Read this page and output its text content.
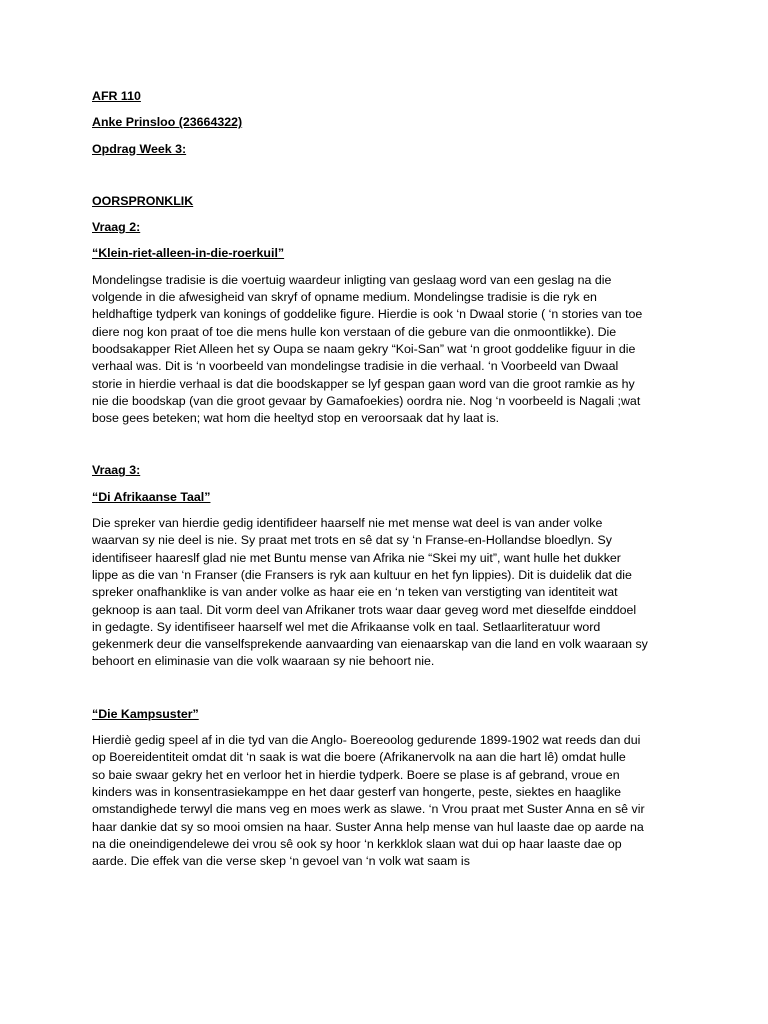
AFR 110

Anke Prinsloo (23664322)

Opdrag Week 3:

OORSPRONKLIK

Vraag 2:

“Klein-riet-alleen-in-die-roerkuil”

Mondelingse tradisie is die voertuig waardeur inligting van geslaag word van een geslag na die
volgende in die afwesigheid van skryf of opname medium. Mondelingse tradisie is die ryk en
heldhaftige tydperk van konings of goddelike figure. Hierdie is ook ‘n Dwaal storie ( ‘n stories van toe
diere nog kon praat of toe die mens hulle kon verstaan of die gebure van die onmoontlikke). Die
boodsakapper Riet Alleen het sy Oupa se naam gekry “Koi-San” wat ‘n groot goddelike figuur in die
verhaal was. Dit is ‘n voorbeeld van mondelingse tradisie in die verhaal. ‘n Voorbeeld van Dwaal
storie in hierdie verhaal is dat die boodskapper se lyf gespan gaan word van die groot ramkie as hy
nie die boodskap (van die groot gevaar by Gamafoekies) oordra nie. Nog ‘n voorbeeld is Nagali ;wat
bose gees beteken; wat hom die heeltyd stop en veroorsaak dat hy laat is.

Vraag 3:

“Di Afrikaanse Taal”

Die spreker van hierdie gedig identifideer haarself nie met mense wat deel is van ander volke
waarvan sy nie deel is nie. Sy praat met trots en sê dat sy ‘n Franse-en-Hollandse bloedlyn. Sy
identifiseer haareslf glad nie met Buntu mense van Afrika nie “Skei my uit”, want hulle het dukker
lippe as die van ‘n Franser (die Fransers is ryk aan kultuur en het fyn lippies). Dit is duidelik dat die
spreker onafhanklike is van ander volke as haar eie en ‘n teken van verstigting van identiteit wat
geknoop is aan taal. Dit vorm deel van Afrikaner trots waar daar geveg word met dieselfde einddoel
in gedagte. Sy identifiseer haarself wel met die Afrikaanse volk en taal. Setlaarliteratuur word
gekenmerk deur die vanselfsprekende aanvaarding van eienaarskap van die land en volk waaraan sy
behoort en eliminasie van die volk waaraan sy nie behoort nie.

“Die Kampsuster”

Hierdiè gedig speel af in die tyd van die Anglo- Boereoolog gedurende 1899-1902 wat reeds dan dui
op Boereidentiteit omdat dit ‘n saak is wat die boere (Afrikanervolk na aan die hart lê) omdat hulle
so baie swaar gekry het en verloor het in hierdie tydperk. Boere se plase is af gebrand, vroue en
kinders was in konsentrasiekamppe en het daar gesterf van hongerte, peste, siektes en haaglike
omstandighede terwyl die mans veg en moes werk as slawe. ‘n Vrou praat met Suster Anna en sê vir
haar dankie dat sy so mooi omsien na haar. Suster Anna help mense van hul laaste dae op aarde na
na die oneindigendelewe dei vrou sê ook sy hoor ‘n kerkklok slaan wat dui op haar laaste dae op
aarde. Die effek van die verse skep ‘n gevoel van ‘n volk wat saam is
